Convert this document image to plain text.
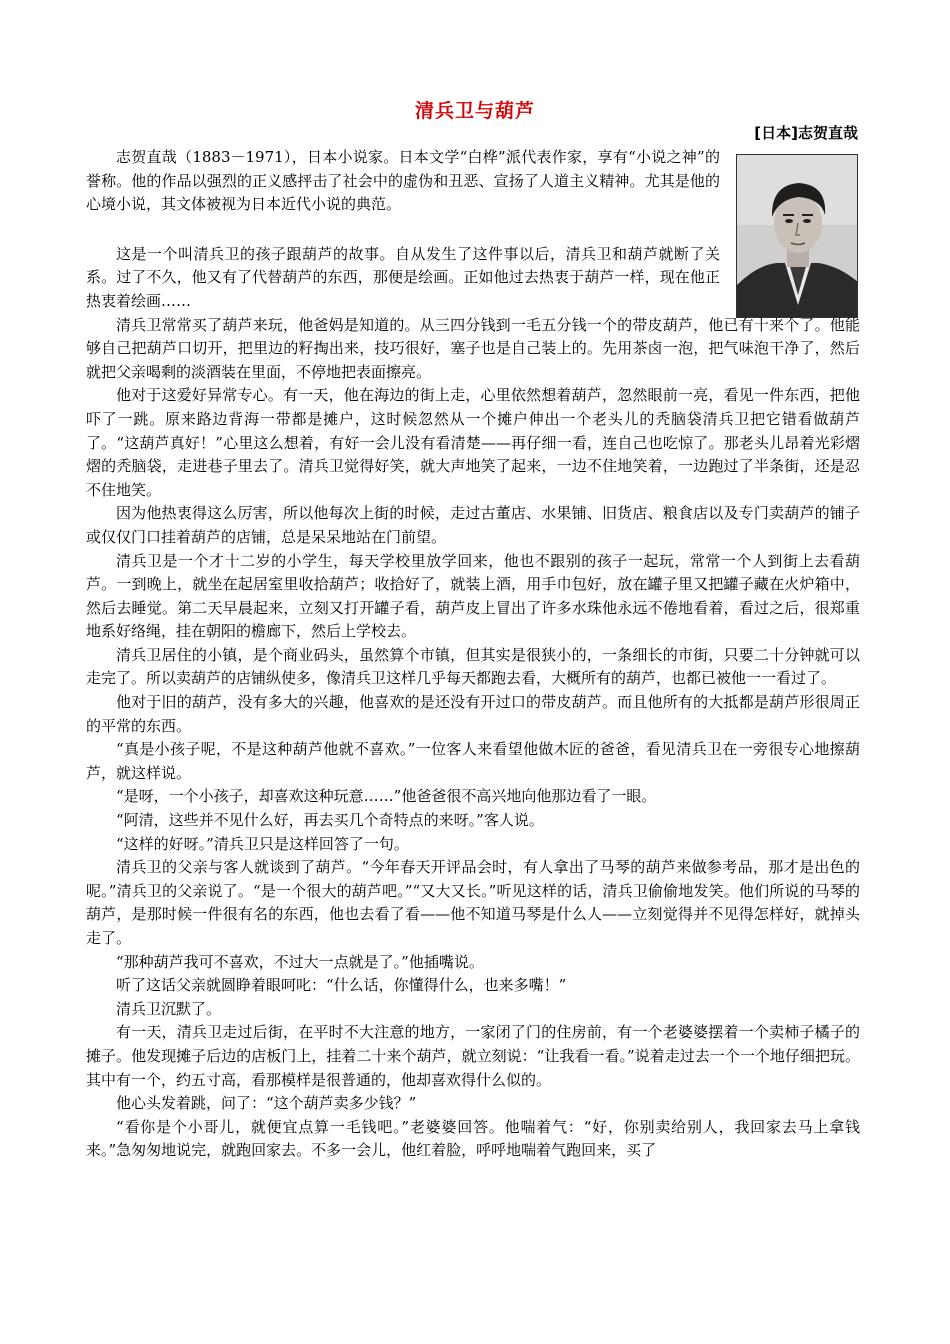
清兵卫与葫芦
[日本]志贺直哉

志贺直哉（1883－1971），日本小说家。日本文学“白桦”派代表作家，享有“小说之神”的誉称。他的作品以强烈的正义感抨击了社会中的虚伪和丑恶、宣扬了人道主义精神。尤其是他的心境小说，其文体被视为日本近代小说的典范。

这是一个叫清兵卫的孩子跟葫芦的故事。自从发生了这件事以后，清兵卫和葫芦就断了关系。过了不久，他又有了代替葫芦的东西，那便是绘画。正如他过去热衷于葫芦一样，现在他正热衷着绘画……

清兵卫常常买了葫芦来玩，他爸妈是知道的。从三四分钱到一毛五分钱一个的带皮葫芦，他已有十来个了。他能够自己把葫芦口切开，把里边的籽掏出来，技巧很好，塞子也是自己装上的。先用茶卤一泡，把气味泡干净了，然后就把父亲喝剩的淡酒装在里面，不停地把表面擦亮。

他对于这爱好异常专心。有一天，他在海边的街上走，心里依然想着葫芦，忽然眼前一亮，看见一件东西，把他吓了一跳。原来路边背海一带都是摊户，这时候忽然从一个摊户伸出一个老头儿的秃脑袋清兵卫把它错看做葫芦了。“这葫芦真好！”心里这么想着，有好一会儿没有看清楚——再仔细一看，连自己也吃惊了。那老头儿昂着光彩熠熠的秃脑袋，走进巷子里去了。清兵卫觉得好笑，就大声地笑了起来，一边不住地笑着，一边跑过了半条街，还是忍不住地笑。

因为他热衷得这么厉害，所以他每次上街的时候，走过古董店、水果铺、旧货店、粮食店以及专门卖葫芦的铺子或仅仅门口挂着葫芦的店铺，总是呆呆地站在门前望。

清兵卫是一个才十二岁的小学生，每天学校里放学回来，他也不跟别的孩子一起玩，常常一个人到街上去看葫芦。一到晚上，就坐在起居室里收拾葫芦；收拾好了，就装上酒，用手巾包好，放在罐子里又把罐子藏在火炉箱中，然后去睡觉。第二天早晨起来，立刻又打开罐子看，葫芦皮上冒出了许多水珠他永远不倦地看着，看过之后，很郑重地系好络绳，挂在朝阳的檐廊下，然后上学校去。

清兵卫居住的小镇，是个商业码头，虽然算个市镇，但其实是很狭小的，一条细长的市街，只要二十分钟就可以走完了。所以卖葫芦的店铺纵使多，像清兵卫这样几乎每天都跑去看，大概所有的葫芦，也都已被他一一看过了。

他对于旧的葫芦，没有多大的兴趣，他喜欢的是还没有开过口的带皮葫芦。而且他所有的大抵都是葫芦形很周正的平常的东西。

“真是小孩子呢，不是这种葫芦他就不喜欢。”一位客人来看望他做木匠的爸爸，看见清兵卫在一旁很专心地擦葫芦，就这样说。

“是呀，一个小孩子，却喜欢这种玩意……”他爸爸很不高兴地向他那边看了一眼。

“阿清，这些并不见什么好，再去买几个奇特点的来呀。”客人说。

“这样的好呀。”清兵卫只是这样回答了一句。

清兵卫的父亲与客人就谈到了葫芦。“今年春天开评品会时，有人拿出了马琴的葫芦来做参考品，那才是出色的呢。”清兵卫的父亲说了。“是一个很大的葫芦吧。”“又大又长。”听见这样的话，清兵卫偷偷地发笑。他们所说的马琴的葫芦，是那时候一件很有名的东西，他也去看了看——他不知道马琴是什么人——立刻觉得并不见得怎样好，就掉头走了。

“那种葫芦我可不喜欢，不过大一点就是了。”他插嘴说。

听了这话父亲就圆睁着眼呵叱：“什么话，你懂得什么，也来多嘴！”

清兵卫沉默了。

有一天，清兵卫走过后街，在平时不大注意的地方，一家闭了门的住房前，有一个老婆婆摆着一个卖柿子橘子的摊子。他发现摊子后边的店板门上，挂着二十来个葫芦，就立刻说：“让我看一看。”说着走过去一个一个地仔细把玩。其中有一个，约五寸高，看那模样是很普通的，他却喜欢得什么似的。

他心头发着跳，问了：“这个葫芦卖多少钱？”

“看你是个小哥儿，就便宜点算一毛钱吧。”老婆婆回答。他喘着气：“好，你别卖给别人，我回家去马上拿钱来。”急匆匆地说完，就跑回家去。不多一会儿，他红着脸，呼呼地喘着气跑回来，买了
